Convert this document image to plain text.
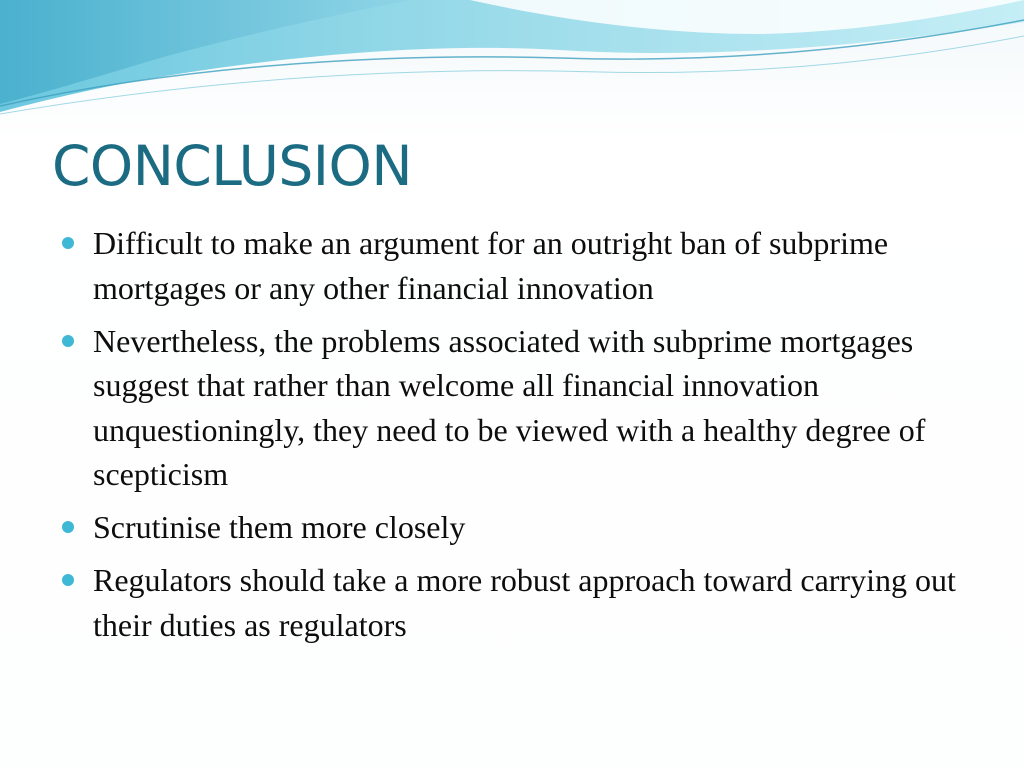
CONCLUSION
Difficult to make an argument for an outright ban of subprime mortgages or any other financial innovation
Nevertheless, the problems associated with subprime mortgages suggest that rather than welcome all financial innovation unquestioningly, they need to be viewed with a healthy degree of scepticism
Scrutinise them more closely
Regulators should take a more robust approach toward carrying out their duties as regulators
